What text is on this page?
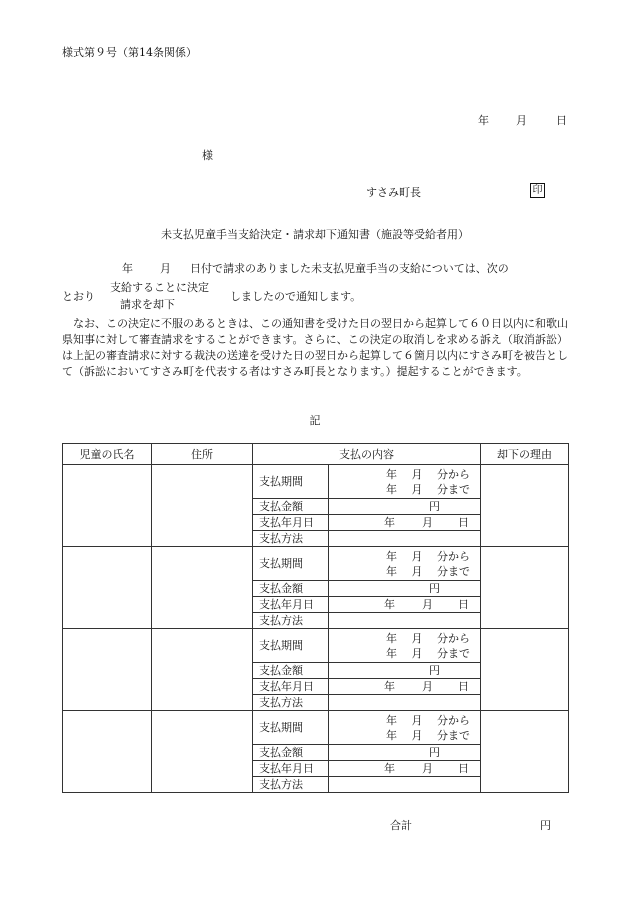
様式第９号（第14条関係）
年 月	日
様
すさみ町長	印
未支払児童手当支給決定・請求却下通知書（施設等受給者用）
年 月 日付で請求のありました未支払児童手当の支給については、次の
とおり
支給することに決定
請求を却下
しましたので通知します。
なお、この決定に不服のあるときは、この通知書を受けた日の翌日から起算して６０日以内に和歌山県知事に対して審査請求をすることができます。さらに、この決定の取消しを求める訴え（取消訴訟）は上記の審査請求に対する裁決の送達を受けた日の翌日から起算して６箇月以内にすさみ町を被告として（訴訟においてすさみ町を代表する者はすさみ町長となります。）提起することができます。
記
児童の氏名	住所	支払の内容		却下の理由
		支払期間	年　 月　 分から
年　 月　 分まで	

		支払金額	円	

		支払年月日	年 月 日	

		支払方法		
		支払期間	年　 月　 分から
年　 月　 分まで	

		支払金額	円	

		支払年月日	年 月 日	

		支払方法		
		支払期間	年　 月　 分から
年　 月　 分まで	

		支払金額	円	

		支払年月日	年 月 日	

		支払方法		
		支払期間	年　 月　 分から
年　 月　 分まで	

		支払金額	円	

		支払年月日	年 月 日	

		支払方法		
合計	円
